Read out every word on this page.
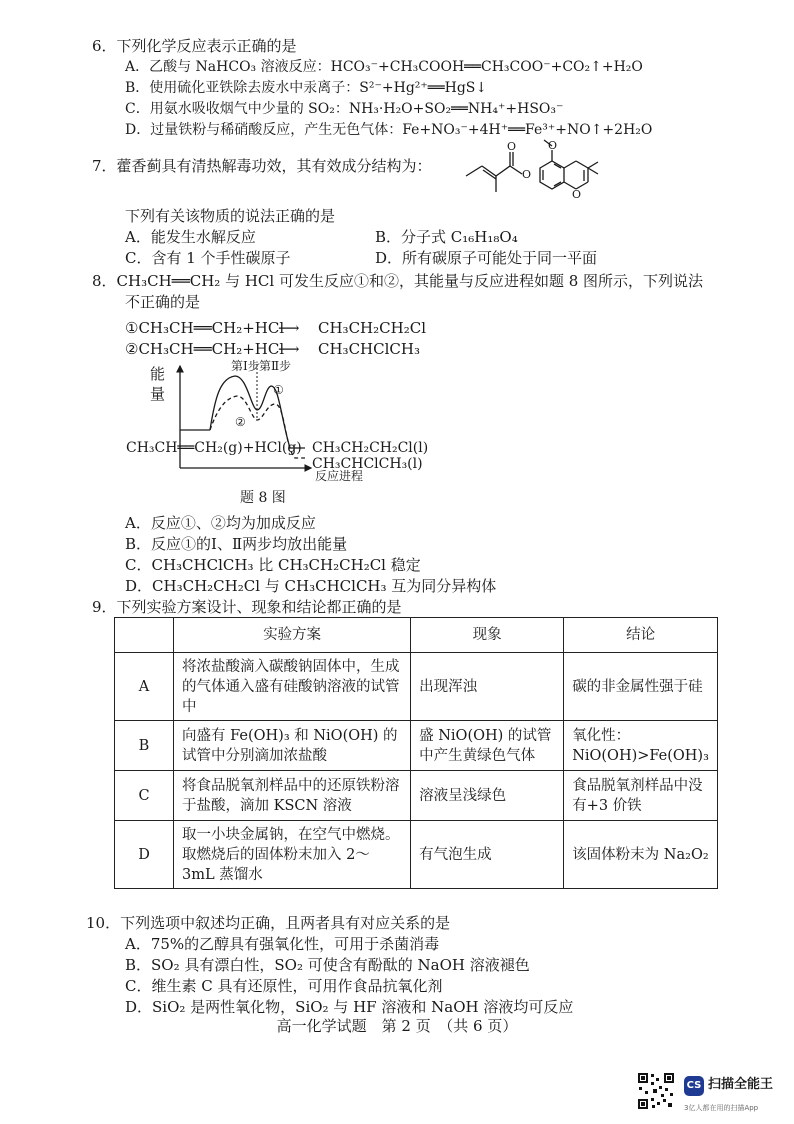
6．下列化学反应表示正确的是
A．乙酸与 NaHCO₃ 溶液反应：HCO₃⁻+CH₃COOH══CH₃COO⁻+CO₂↑+H₂O
B．使用硫化亚铁除去废水中汞离子：S²⁻+Hg²⁺══HgS↓
C．用氨水吸收烟气中少量的 SO₂：NH₃·H₂O+SO₂══NH₄⁺+HSO₃⁻
D．过量铁粉与稀硝酸反应，产生无色气体：Fe+NO₃⁻+4H⁺══Fe³⁺+NO↑+2H₂O
7．藿香蓟具有清热解毒功效，其有效成分结构为：
O
O
O
O
下列有关该物质的说法正确的是
A．能发生水解反应	B．分子式 C₁₆H₁₈O₄
C．含有 1 个手性碳原子	D．所有碳原子可能处于同一平面
8．CH₃CH══CH₂ 与 HCl 可发生反应①和②，其能量与反应进程如题 8 图所示，下列说法
不正确的是
①CH₃CH══CH₂+HCl
⟶ CH₃CH₂CH₂Cl
②CH₃CH══CH₂+HCl
⟶ CH₃CHClCH₃
第Ⅰ步 第Ⅱ步
①
②
反应进程
能
量
CH₃CH══CH₂(g)+HCl(g) CH₃CH₂CH₂Cl(l)
CH₃CHClCH₃(l)
题 8 图
A．反应①、②均为加成反应
B．反应①的Ⅰ、Ⅱ两步均放出能量
C．CH₃CHClCH₃ 比 CH₃CH₂CH₂Cl 稳定
D．CH₃CH₂CH₂Cl 与 CH₃CHClCH₃ 互为同分异构体
9．下列实验方案设计、现象和结论都正确的是
	实验方案	现象	结论
A	将浓盐酸滴入碳酸钠固体中，生成的气体通入盛有硅酸钠溶液的试管中	出现浑浊	碳的非金属性强于硅
B	向盛有 Fe(OH)₃ 和 NiO(OH) 的试管中分别滴加浓盐酸	盛 NiO(OH) 的试管中产生黄绿色气体	氧化性：NiO(OH)>Fe(OH)₃
C	将食品脱氧剂样品中的还原铁粉溶于盐酸，滴加 KSCN 溶液	溶液呈浅绿色	食品脱氧剂样品中没有+3 价铁
D	取一小块金属钠，在空气中燃烧。取燃烧后的固体粉末加入 2～3mL 蒸馏水	有气泡生成	该固体粉末为 Na₂O₂
10．下列选项中叙述均正确，且两者具有对应关系的是
A．75%的乙醇具有强氧化性，可用于杀菌消毒
B．SO₂ 具有漂白性，SO₂ 可使含有酚酞的 NaOH 溶液褪色
C．维生素 C 具有还原性，可用作食品抗氧化剂
D．SiO₂ 是两性氧化物，SiO₂ 与 HF 溶液和 NaOH 溶液均可反应
高一化学试题　第 2 页　（共 6 页）
CS 扫描全能王
3亿人都在用的扫描App
